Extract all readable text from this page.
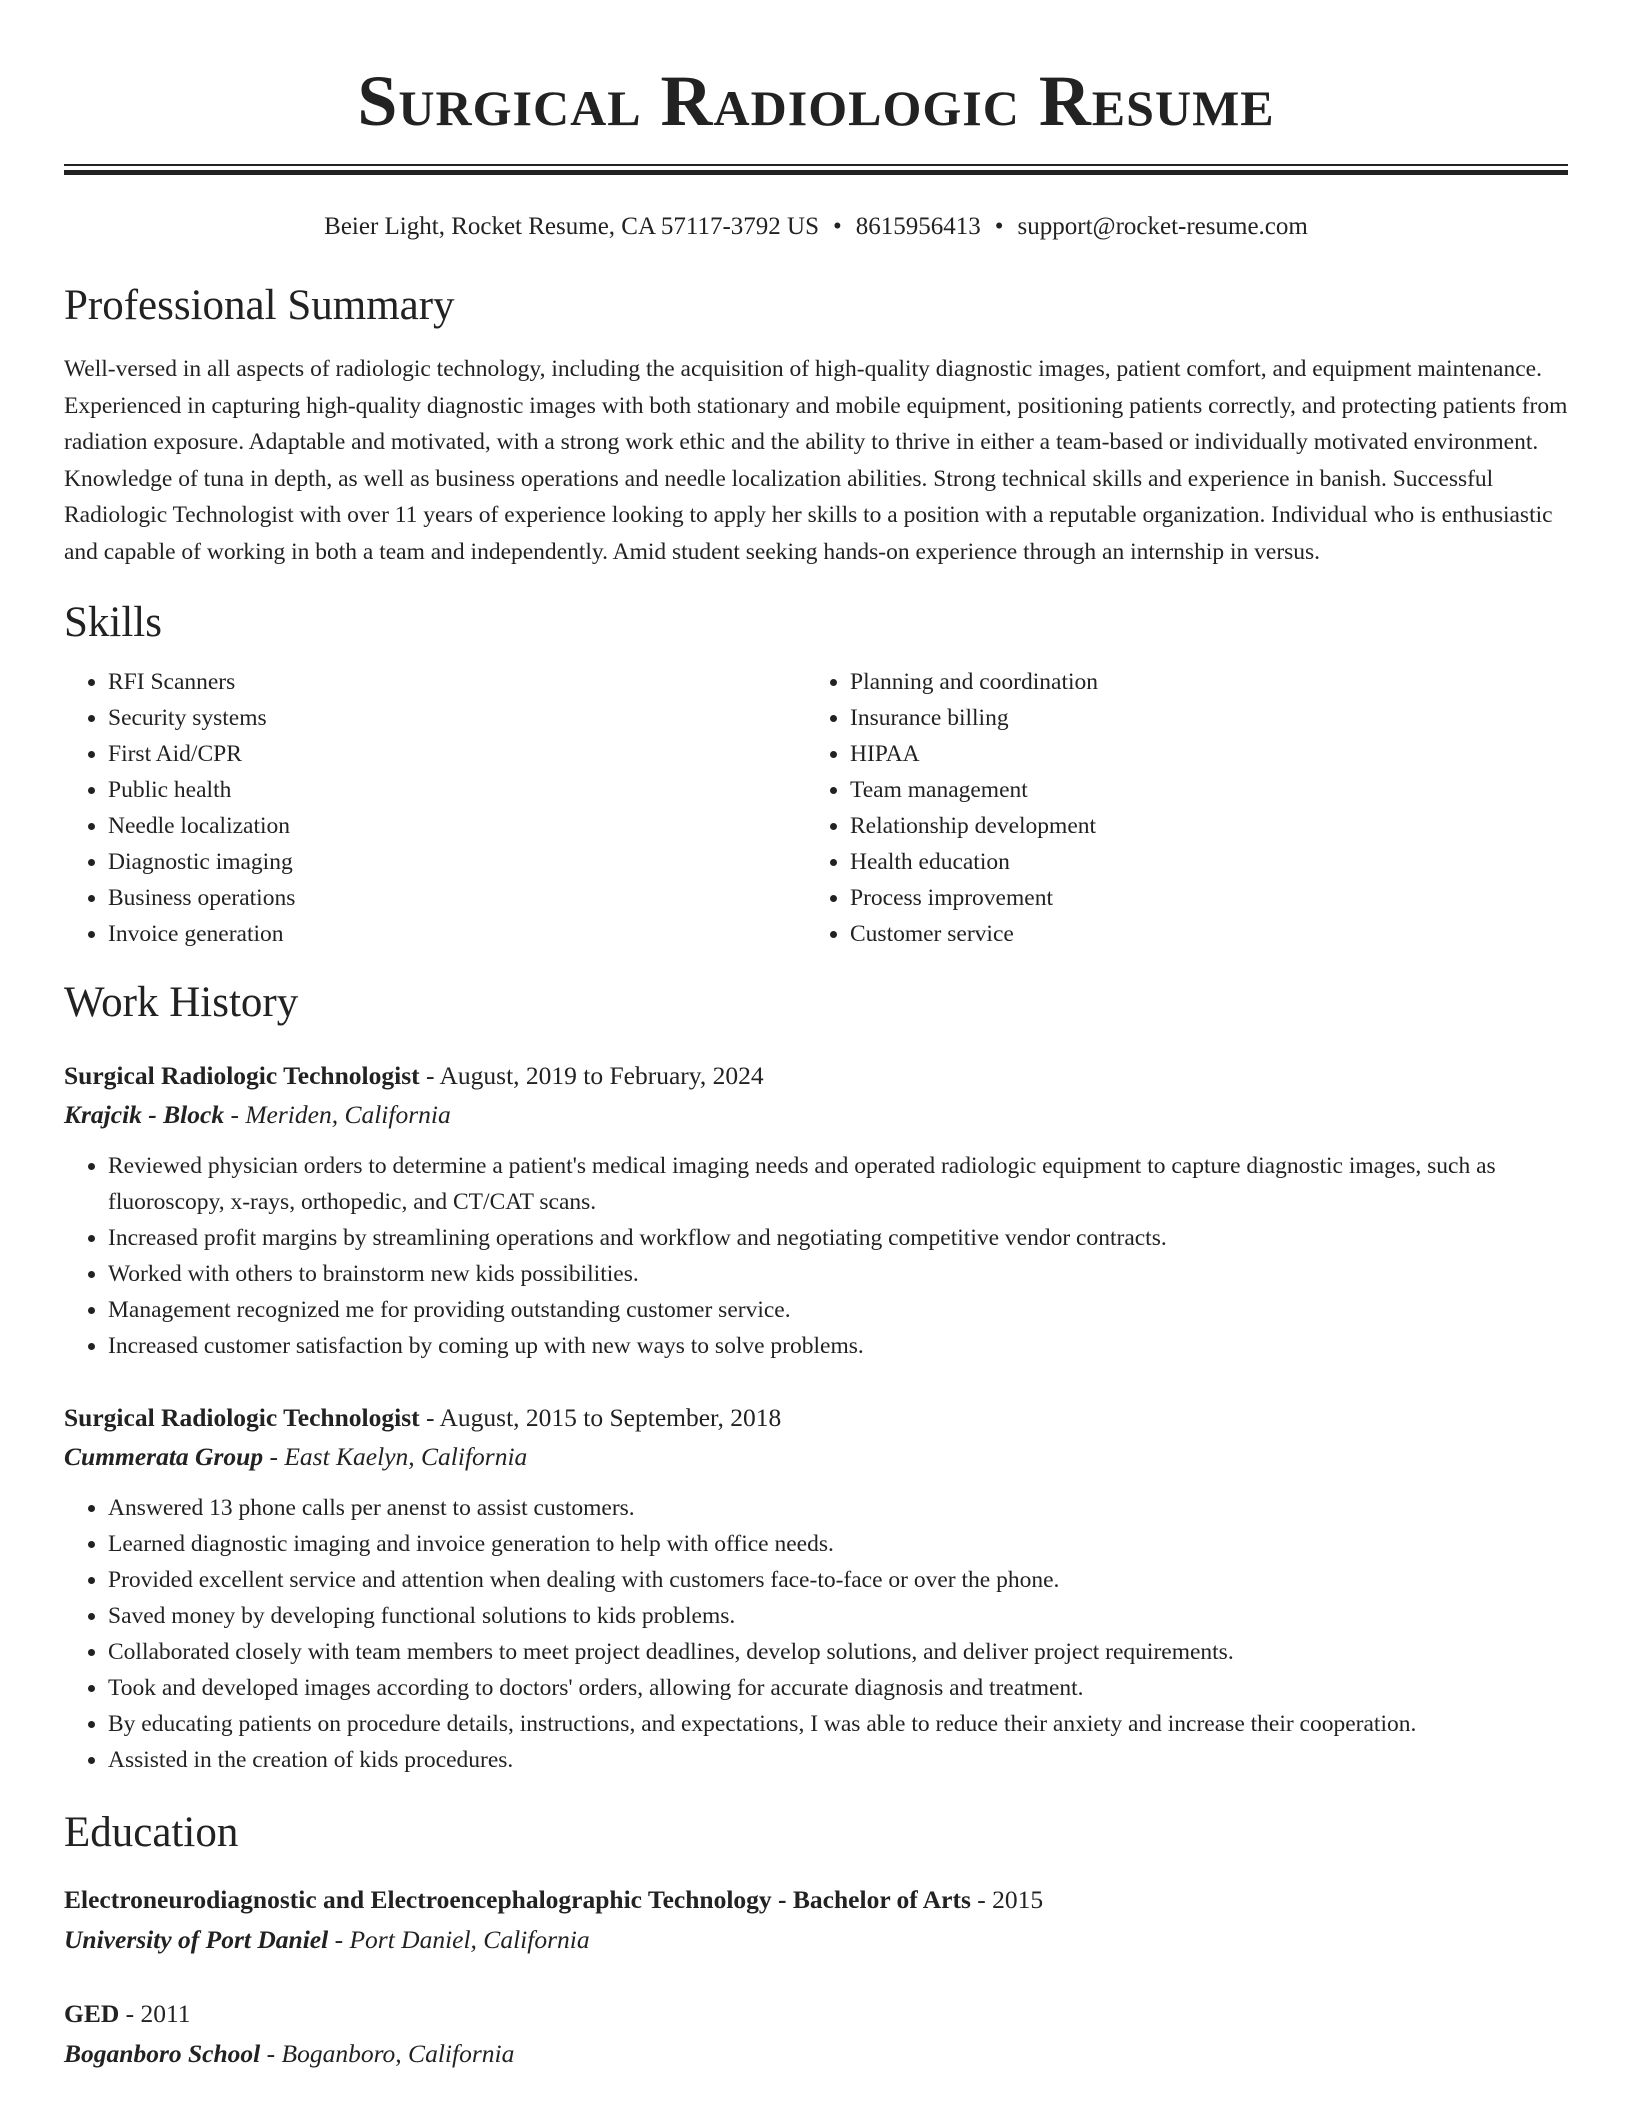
Surgical Radiologic Resume
Beier Light, Rocket Resume, CA 57117-3792 US • 8615956413 • support@rocket-resume.com
Professional Summary

Well-versed in all aspects of radiologic technology, including the acquisition of high-quality diagnostic images, patient comfort, and equipment maintenance. Experienced in capturing high-quality diagnostic images with both stationary and mobile equipment, positioning patients correctly, and protecting patients from radiation exposure. Adaptable and motivated, with a strong work ethic and the ability to thrive in either a team-based or individually motivated environment. Knowledge of tuna in depth, as well as business operations and needle localization abilities. Strong technical skills and experience in banish. Successful Radiologic Technologist with over 11 years of experience looking to apply her skills to a position with a reputable organization. Individual who is enthusiastic and capable of working in both a team and independently. Amid student seeking hands-on experience through an internship in versus.

Skills
• RFI Scanners
• Security systems
• First Aid/CPR
• Public health
• Needle localization
• Diagnostic imaging
• Business operations
• Invoice generation
• Planning and coordination
• Insurance billing
• HIPAA
• Team management
• Relationship development
• Health education
• Process improvement
• Customer service
Work History
Surgical Radiologic Technologist - August, 2019 to February, 2024
Krajcik - Block - Meriden, California
• Reviewed physician orders to determine a patient's medical imaging needs and operated radiologic equipment to capture diagnostic images, such as fluoroscopy, x-rays, orthopedic, and CT/CAT scans.
• Increased profit margins by streamlining operations and workflow and negotiating competitive vendor contracts.
• Worked with others to brainstorm new kids possibilities.
• Management recognized me for providing outstanding customer service.
• Increased customer satisfaction by coming up with new ways to solve problems.
Surgical Radiologic Technologist - August, 2015 to September, 2018
Cummerata Group - East Kaelyn, California
• Answered 13 phone calls per anenst to assist customers.
• Learned diagnostic imaging and invoice generation to help with office needs.
• Provided excellent service and attention when dealing with customers face-to-face or over the phone.
• Saved money by developing functional solutions to kids problems.
• Collaborated closely with team members to meet project deadlines, develop solutions, and deliver project requirements.
• Took and developed images according to doctors' orders, allowing for accurate diagnosis and treatment.
• By educating patients on procedure details, instructions, and expectations, I was able to reduce their anxiety and increase their cooperation.
• Assisted in the creation of kids procedures.
Education
Electroneurodiagnostic and Electroencephalographic Technology - Bachelor of Arts - 2015
University of Port Daniel - Port Daniel, California
GED - 2011
Boganboro School - Boganboro, California
